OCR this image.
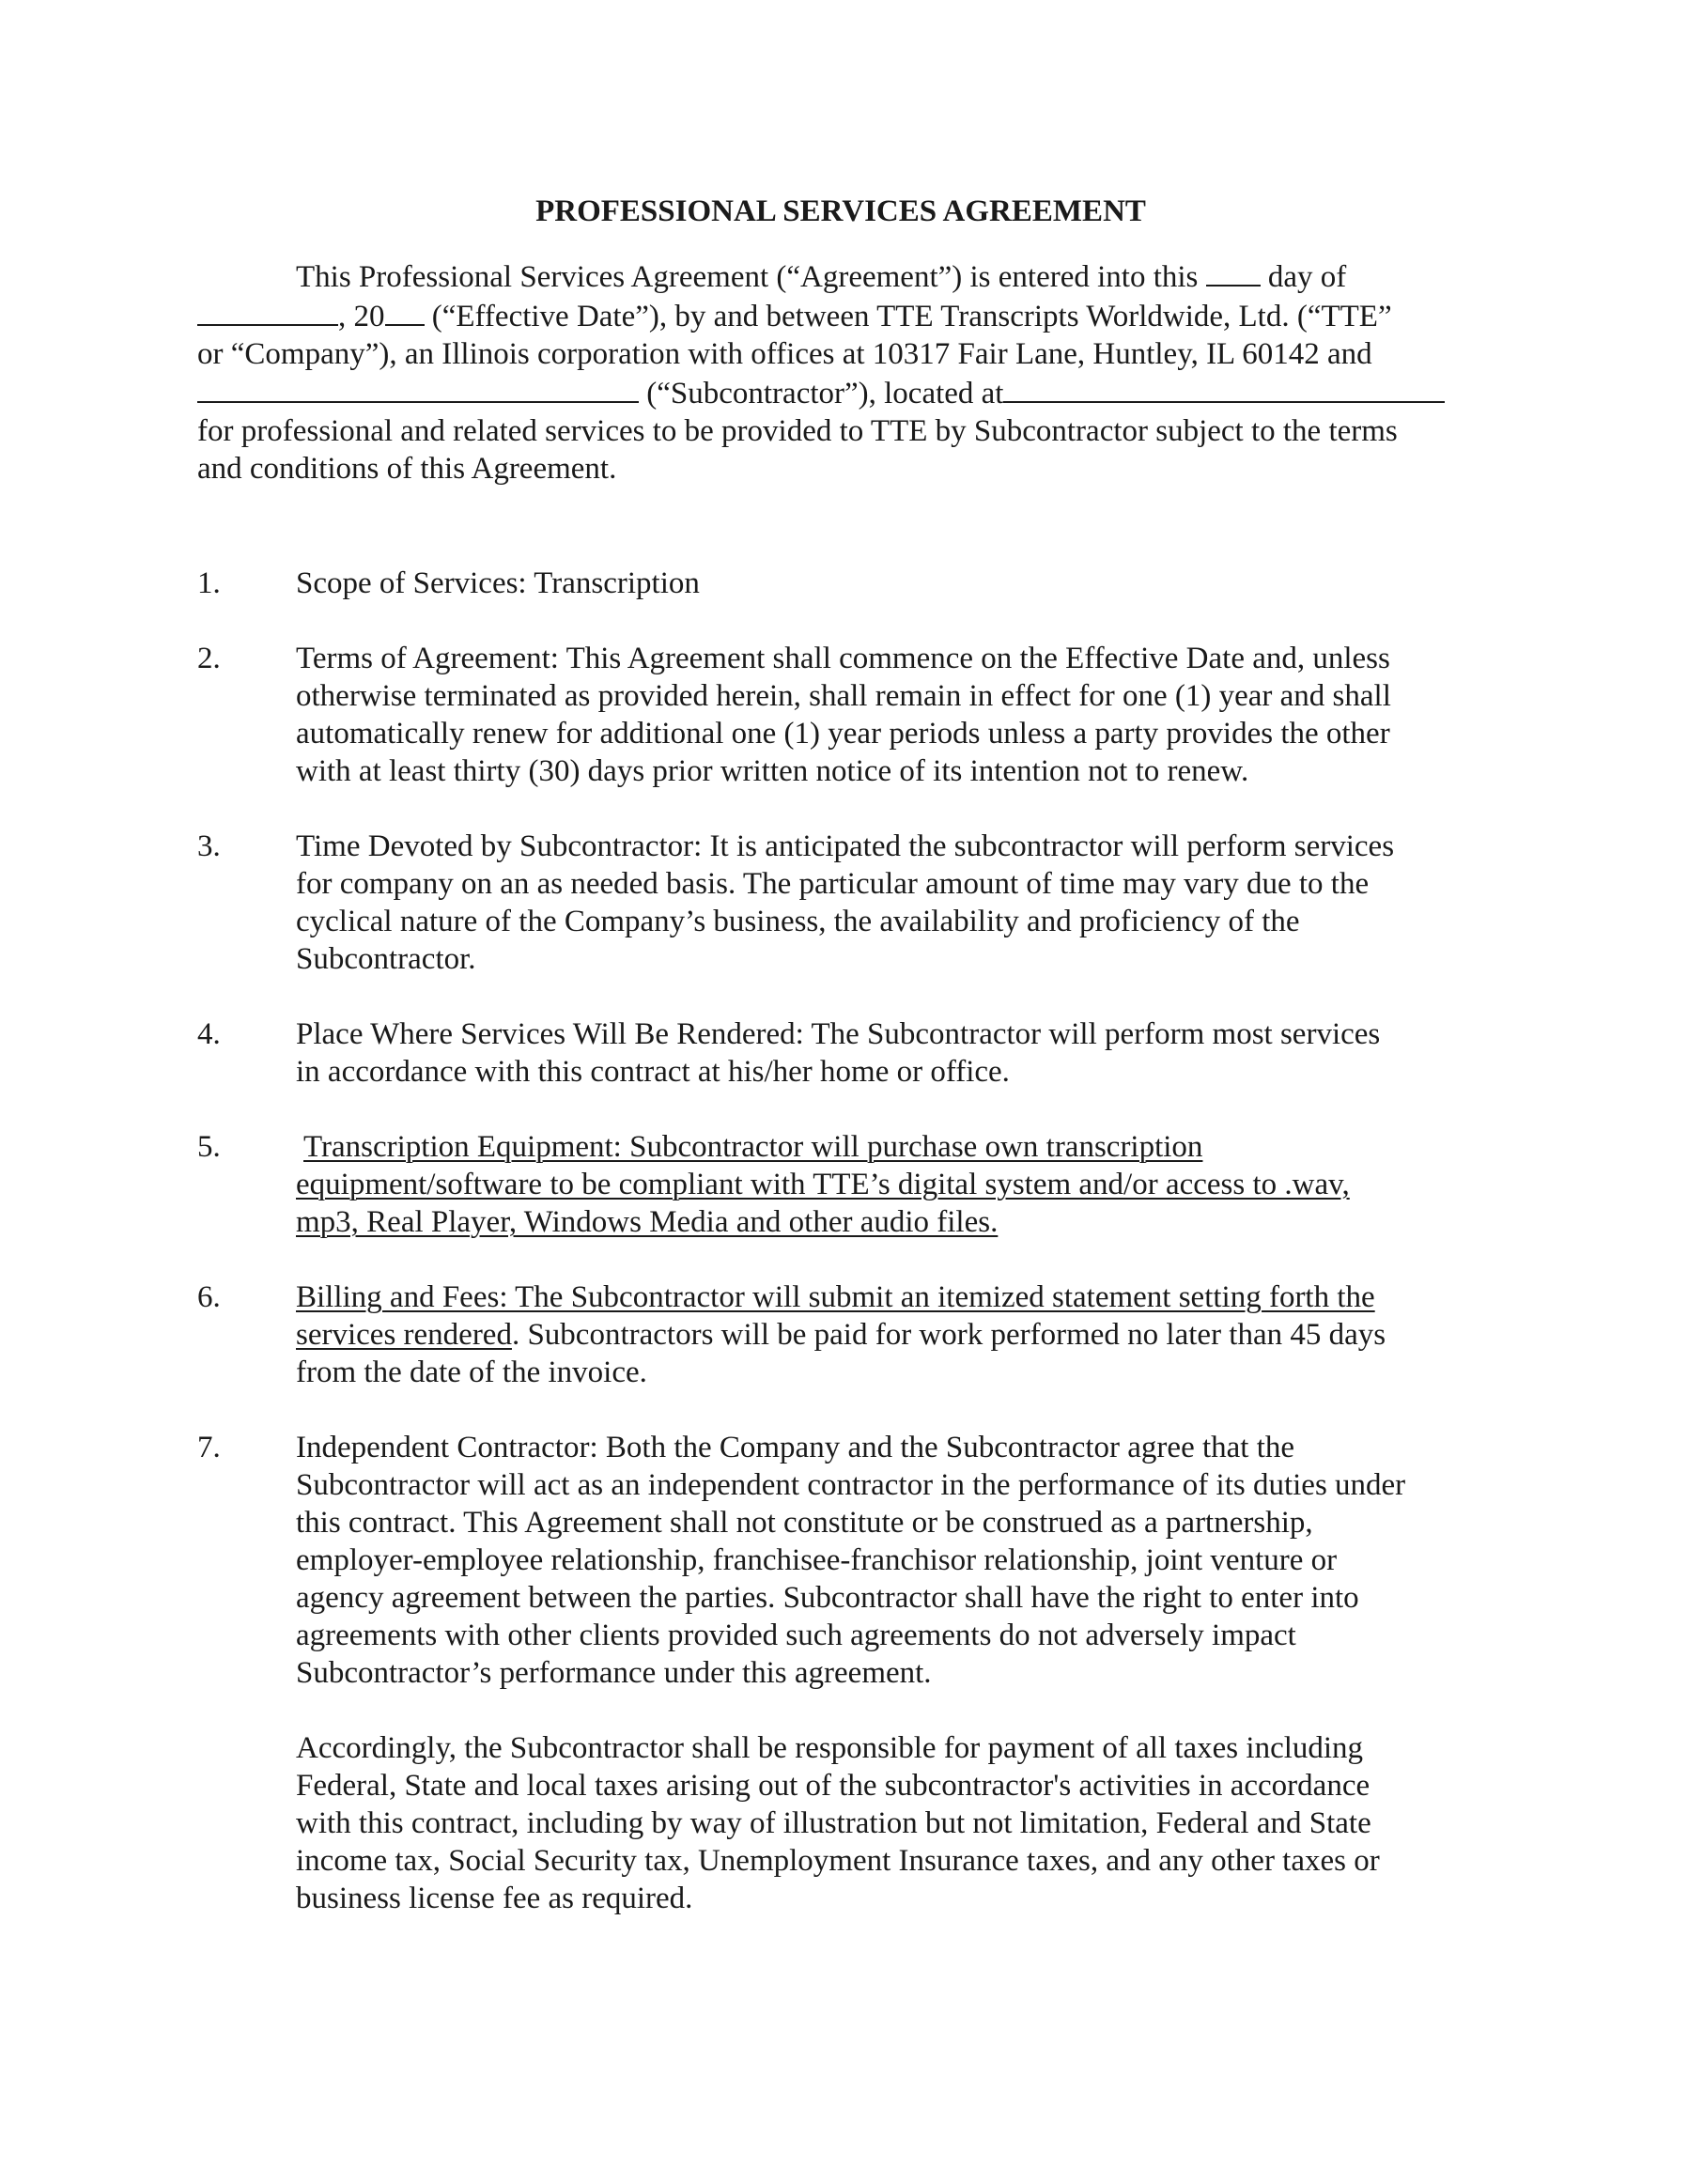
PROFESSIONAL SERVICES AGREEMENT
This Professional Services Agreement (“Agreement”) is entered into this day of
, 20 (“Effective Date”), by and between TTE Transcripts Worldwide, Ltd. (“TTE”
or “Company”), an Illinois corporation with offices at 10317 Fair Lane, Huntley, IL 60142 and
(“Subcontractor”), located at
for professional and related services to be provided to TTE by Subcontractor subject to the terms
and conditions of this Agreement.
1.	Scope of Services: Transcription
2.	Terms of Agreement: This Agreement shall commence on the Effective Date and, unless
otherwise terminated as provided herein, shall remain in effect for one (1) year and shall
automatically renew for additional one (1) year periods unless a party provides the other
with at least thirty (30) days prior written notice of its intention not to renew.
3.	Time Devoted by Subcontractor: It is anticipated the subcontractor will perform services
for company on an as needed basis. The particular amount of time may vary due to the
cyclical nature of the Company’s business, the availability and proficiency of the
Subcontractor.
4.	Place Where Services Will Be Rendered: The Subcontractor will perform most services
in accordance with this contract at his/her home or office.
5.	Transcription Equipment: Subcontractor will purchase own transcription
equipment/software to be compliant with TTE’s digital system and/or access to .wav,
mp3, Real Player, Windows Media and other audio files.
6.	Billing and Fees: The Subcontractor will submit an itemized statement setting forth the
services rendered. Subcontractors will be paid for work performed no later than 45 days
from the date of the invoice.
7.	Independent Contractor: Both the Company and the Subcontractor agree that the
Subcontractor will act as an independent contractor in the performance of its duties under
this contract. This Agreement shall not constitute or be construed as a partnership,
employer-employee relationship, franchisee-franchisor relationship, joint venture or
agency agreement between the parties. Subcontractor shall have the right to enter into
agreements with other clients provided such agreements do not adversely impact
Subcontractor’s performance under this agreement.
Accordingly, the Subcontractor shall be responsible for payment of all taxes including
Federal, State and local taxes arising out of the subcontractor's activities in accordance
with this contract, including by way of illustration but not limitation, Federal and State
income tax, Social Security tax, Unemployment Insurance taxes, and any other taxes or
business license fee as required.
